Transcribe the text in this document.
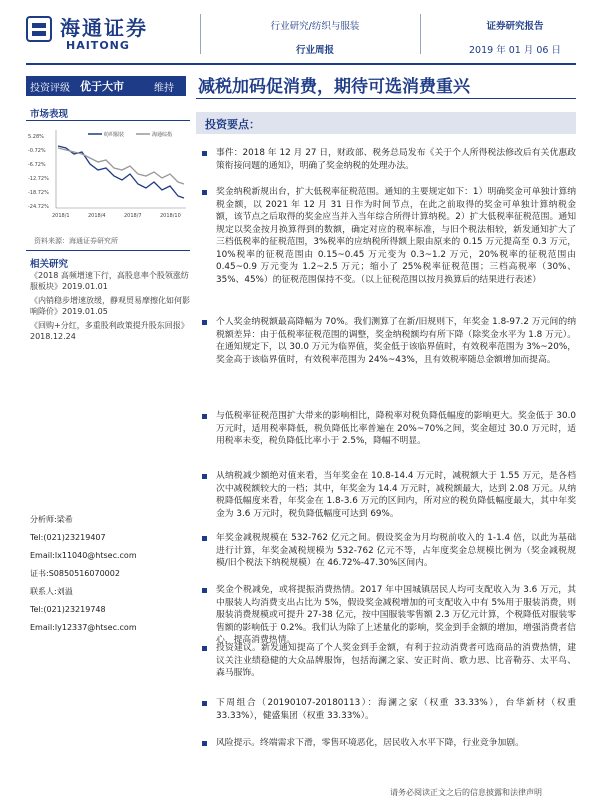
海通证券
HAITONG
行业研究/纺织与服装
行业周报
证券研究报告
2019 年 01 月 06 日
投资评级 优于大市	维持
市场表现
5.28%
-0.72%
-6.72%
-12.72%
-18.72%
-24.72%
纺织服装	海通综指
2018/1	2018/4	2018/7	2018/10
资料来源：海通证券研究所
相关研究
《2018 高频增速下行，高股息率个股领涨纺服板块》2019.01.01
《内销稳步增速放缓，静观贸易摩擦化如何影响降价》2019.01.05
《回购+分红，多重股利政策提升股东回报》2018.12.24
分析师:梁希
Tel:(021)23219407
Email:lx11040@htsec.com
证书:S0850516070002
联系人:刘溢
Tel:(021)23219748
Email:ly12337@htsec.com
减税加码促消费，期待可选消费重兴
投资要点：
事件：2018 年 12 月 27 日，财政部、税务总局发布《关于个人所得税法修改后有关优惠政策衔接问题的通知》，明确了奖金纳税的处理办法。
奖金纳税新规出台，扩大低税率征税范围。通知的主要规定如下：1）明确奖金可单独计算纳税金额，以 2021 年 12 月 31 日作为时间节点，在此之前取得的奖金可单独计算纳税金额，该节点之后取得的奖金应当并入当年综合所得计算纳税。2）扩大低税率征税范围。通知规定以奖金按月换算得到的数额，确定对应的税率标准，与旧个税法相较，新发通知扩大了三档低税率的征税范围，3%税率的应纳税所得额上限由原来的 0.15 万元提高至 0.3 万元，10%税率的征税范围由 0.15~0.45 万元变为 0.3~1.2 万元，20%税率的征税范围由 0.45~0.9 万元变为 1.2~2.5 万元；缩小了 25%税率征税范围；三档高税率（30%、35%、45%）的征税范围保持不变。（以上征税范围以按月换算后的结果进行表述）
个人奖金纳税额最高降幅为 70%。我们测算了在新/旧规则下，年奖金 1.8-97.2 万元间的纳税额差异：由于低税率征税范围的调整，奖金纳税额均有所下降（除奖金水平为 1.8 万元）。在通知规定下，以 30.0 万元为临界值，奖金低于该临界值时，有效税率范围为 3%~20%，奖金高于该临界值时，有效税率范围为 24%~43%，且有效税率随总金额增加而提高。
与低税率征税范围扩大带来的影响相比，降税率对税负降低幅度的影响更大。奖金低于 30.0 万元时，适用税率降低，税负降低比率普遍在 20%~70%之间，奖金超过 30.0 万元时，适用税率未变，税负降低比率小于 2.5%，降幅不明显。
从纳税减少额绝对值来看，当年奖金在 10.8-14.4 万元时，减税额大于 1.55 万元，是各档次中减税额较大的一档；其中，年奖金为 14.4 万元时，减税额最大，达到 2.08 万元。从纳税降低幅度来看，年奖金在 1.8-3.6 万元的区间内，所对应的税负降低幅度最大，其中年奖金为 3.6 万元时，税负降低幅度可达到 69%。
年奖金减税规模在 532-762 亿元之间。假设奖金为月均税前收入的 1-1.4 倍，以此为基础进行计算，年奖金减税规模为 532-762 亿元不等，占年度奖金总规模比例为（奖金减税规模/旧个税法下纳税规模）在 46.72%-47.30%区间内。
奖金个税减免，或将提振消费热情。2017 年中国城镇居民人均可支配收入为 3.6 万元，其中服装人均消费支出占比为 5%，假设奖金减税增加的可支配收入中有 5%用于服装消费，则服装消费规模或可提升 27-38 亿元，按中国服装零售额 2.3 万亿元计算，个税降低对服装零售额的影响低于 0.2%。我们认为除了上述量化的影响，奖金到手金额的增加，增强消费者信心，提高消费热情。
投资建议。新发通知提高了个人奖金到手金额，有利于拉动消费者可选商品的消费热情，建议关注业绩稳健的大众品牌服饰，包括海澜之家、安正时尚、歌力思、比音勒芬、太平鸟、森马服饰。
下周组合（20190107-20180113）：海澜之家（权重 33.33%），台华新材（权重 33.33%），健盛集团（权重 33.33%）。
风险提示。终端需求下滑，零售环境恶化，居民收入水平下降，行业竞争加剧。
请务必阅读正文之后的信息披露和法律声明
